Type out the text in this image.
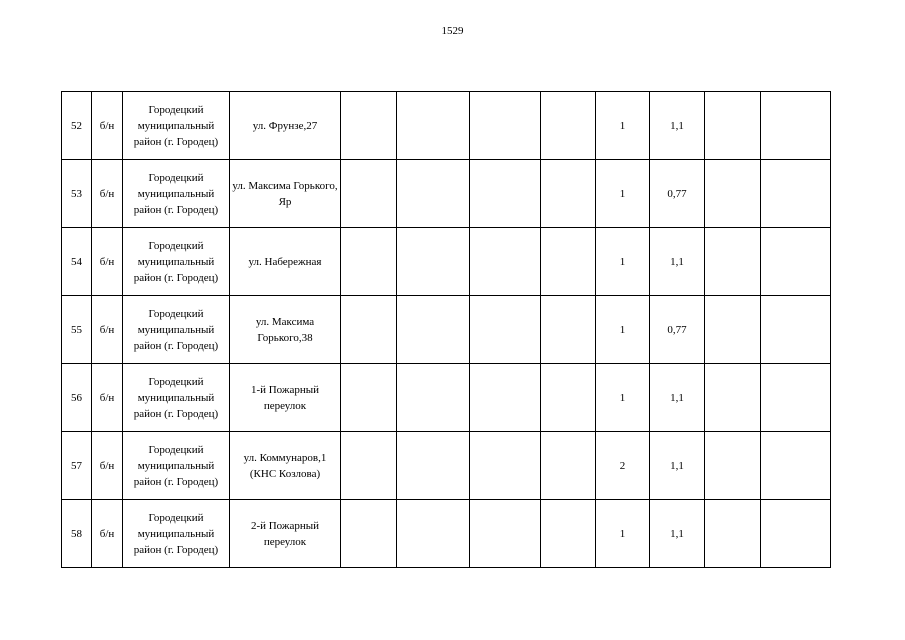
1529
52	б/н	Городецкий муниципальный район (г. Городец)	ул. Фрунзе,27					1	1,1		
53	б/н	Городецкий муниципальный район (г. Городец)	ул. Максима Горького, Яр					1	0,77		
54	б/н	Городецкий муниципальный район (г. Городец)	ул. Набережная					1	1,1		
55	б/н	Городецкий муниципальный район (г. Городец)	ул. Максима Горького,38					1	0,77		
56	б/н	Городецкий муниципальный район (г. Городец)	1-й Пожарный переулок					1	1,1		
57	б/н	Городецкий муниципальный район (г. Городец)	ул. Коммунаров,1 (КНС Козлова)					2	1,1		
58	б/н	Городецкий муниципальный район (г. Городец)	2-й Пожарный переулок					1	1,1		
